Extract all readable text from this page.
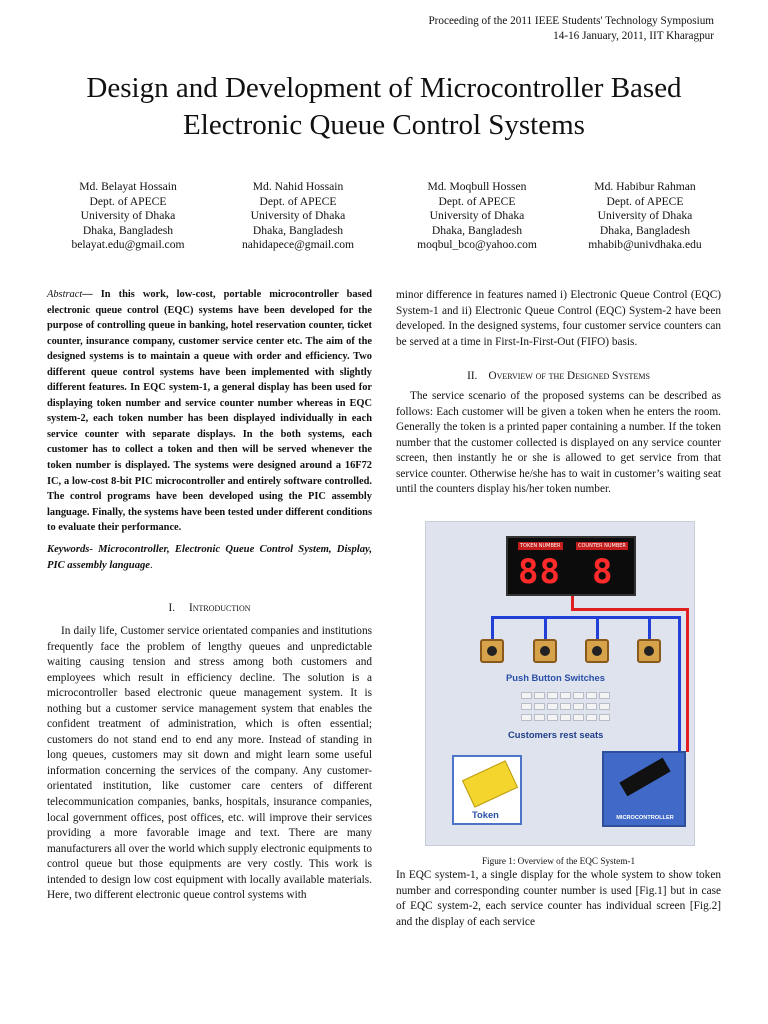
Proceeding of the 2011 IEEE Students' Technology Symposium
14-16 January, 2011, IIT Kharagpur
Design and Development of Microcontroller Based
Electronic Queue Control Systems
Md. Belayat Hossain
Dept. of APECE
University of Dhaka
Dhaka, Bangladesh
belayat.edu@gmail.com
Md. Nahid Hossain
Dept. of APECE
University of Dhaka
Dhaka, Bangladesh
nahidapece@gmail.com
Md. Moqbull Hossen
Dept. of APECE
University of Dhaka
Dhaka, Bangladesh
moqbul_bco@yahoo.com
Md. Habibur Rahman
Dept. of APECE
University of Dhaka
Dhaka, Bangladesh
mhabib@univdhaka.edu
Abstract— In this work, low-cost, portable microcontroller based electronic queue control (EQC) systems have been developed for the purpose of controlling queue in banking, hotel reservation counter, ticket counter, insurance company, customer service center etc. The aim of the designed systems is to maintain a queue with order and efficiency. Two different queue control systems have been implemented with slightly different features. In EQC system-1, a general display has been used for displaying token number and service counter number whereas in EQC system-2, each token number has been displayed individually in each service counter with separate displays. In the both systems, each customer has to collect a token and then will be served whenever the token number is displayed. The systems were designed around a 16F72 IC, a low-cost 8-bit PIC microcontroller and entirely software controlled. The control programs have been developed using the PIC assembly language. Finally, the systems have been tested under different conditions to evaluate their performance.
Keywords- Microcontroller, Electronic Queue Control System, Display, PIC assembly language.
I. Introduction

In daily life, Customer service orientated companies and institutions frequently face the problem of lengthy queues and unpredictable waiting causing tension and stress among both customers and employees which result in efficiency decline. The solution is a microcontroller based electronic queue management system. It is nothing but a customer service management system that enables the confident treatment of administration, which is often essential; customers do not stand end to end any more. Instead of standing in long queues, customers may sit down and might learn some useful information concerning the services of the company. Any customer-orientated institution, like customer care centers of different telecommunication companies, banks, hospitals, insurance companies, local government offices, post offices, etc. will improve their services providing a more favorable image and text. There are many manufacturers all over the world which supply electronic equipments to control queue but those equipments are very costly. This work is intended to design low cost equipment with locally available materials. Here, two different electronic queue control systems with

minor difference in features named i) Electronic Queue Control (EQC) System-1 and ii) Electronic Queue Control (EQC) System-2 have been developed. In the designed systems, four customer service counters can be served at a time in First-In-First-Out (FIFO) basis.
II. Overview of the Designed Systems

The service scenario of the proposed systems can be described as follows: Each customer will be given a token when he enters the room. Generally the token is a printed paper containing a number. If the token number that the customer collected is displayed on any service counter screen, then instantly he or she is allowed to get service from that service counter. Otherwise he/she has to wait in customer’s waiting seat until the counters display his/her token number.

TOKEN NUMBER	COUNTER NUMBER
88 8
Push Button Switches
Customers rest seats
Token	MICROCONTROLLER
Figure 1: Overview of the EQC System-1
In EQC system-1, a single display for the whole system to show token number and corresponding counter number is used [Fig.1] but in case of EQC system-2, each service counter has individual screen [Fig.2] and the display of each service
